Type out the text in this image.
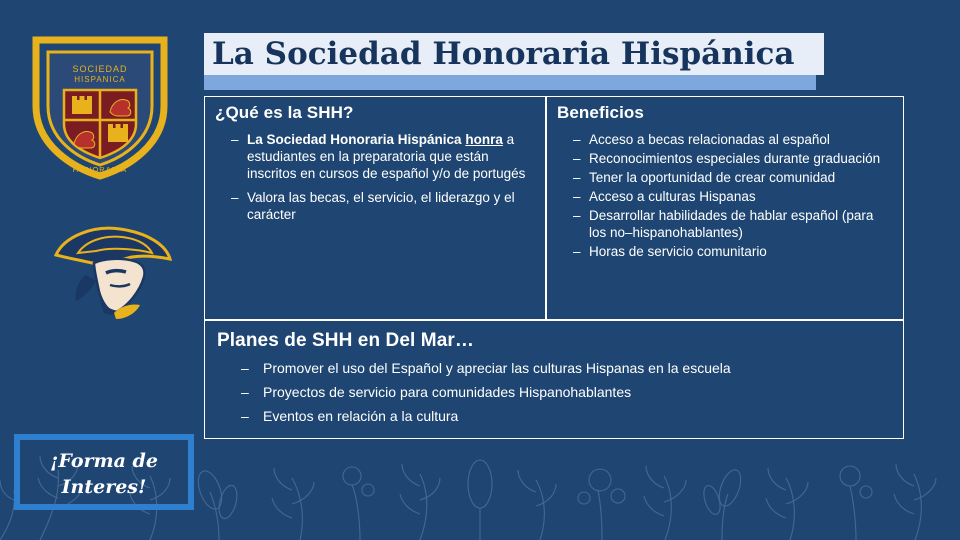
SOCIEDAD
HISPANICA
HONORARIA
La Sociedad Honoraria Hispánica
¿Qué es la SHH?
– La Sociedad Honoraria Hispánica honra a estudiantes en la preparatoria que están inscritos en cursos de español y/o de portugés
– Valora las becas, el servicio, el liderazgo y el carácter
Beneficios
– Acceso a becas relacionadas al español
– Reconocimientos especiales durante graduación
– Tener la oportunidad de crear comunidad
– Acceso a culturas Hispanas
– Desarrollar habilidades de hablar español (para los no–hispanohablantes)
– Horas de servicio comunitario
Planes de SHH en Del Mar…
– Promover el uso del Español y apreciar las culturas Hispanas en la escuela
– Proyectos de servicio para comunidades Hispanohablantes
– Eventos en relación a la cultura
¡Forma de
Interes!
